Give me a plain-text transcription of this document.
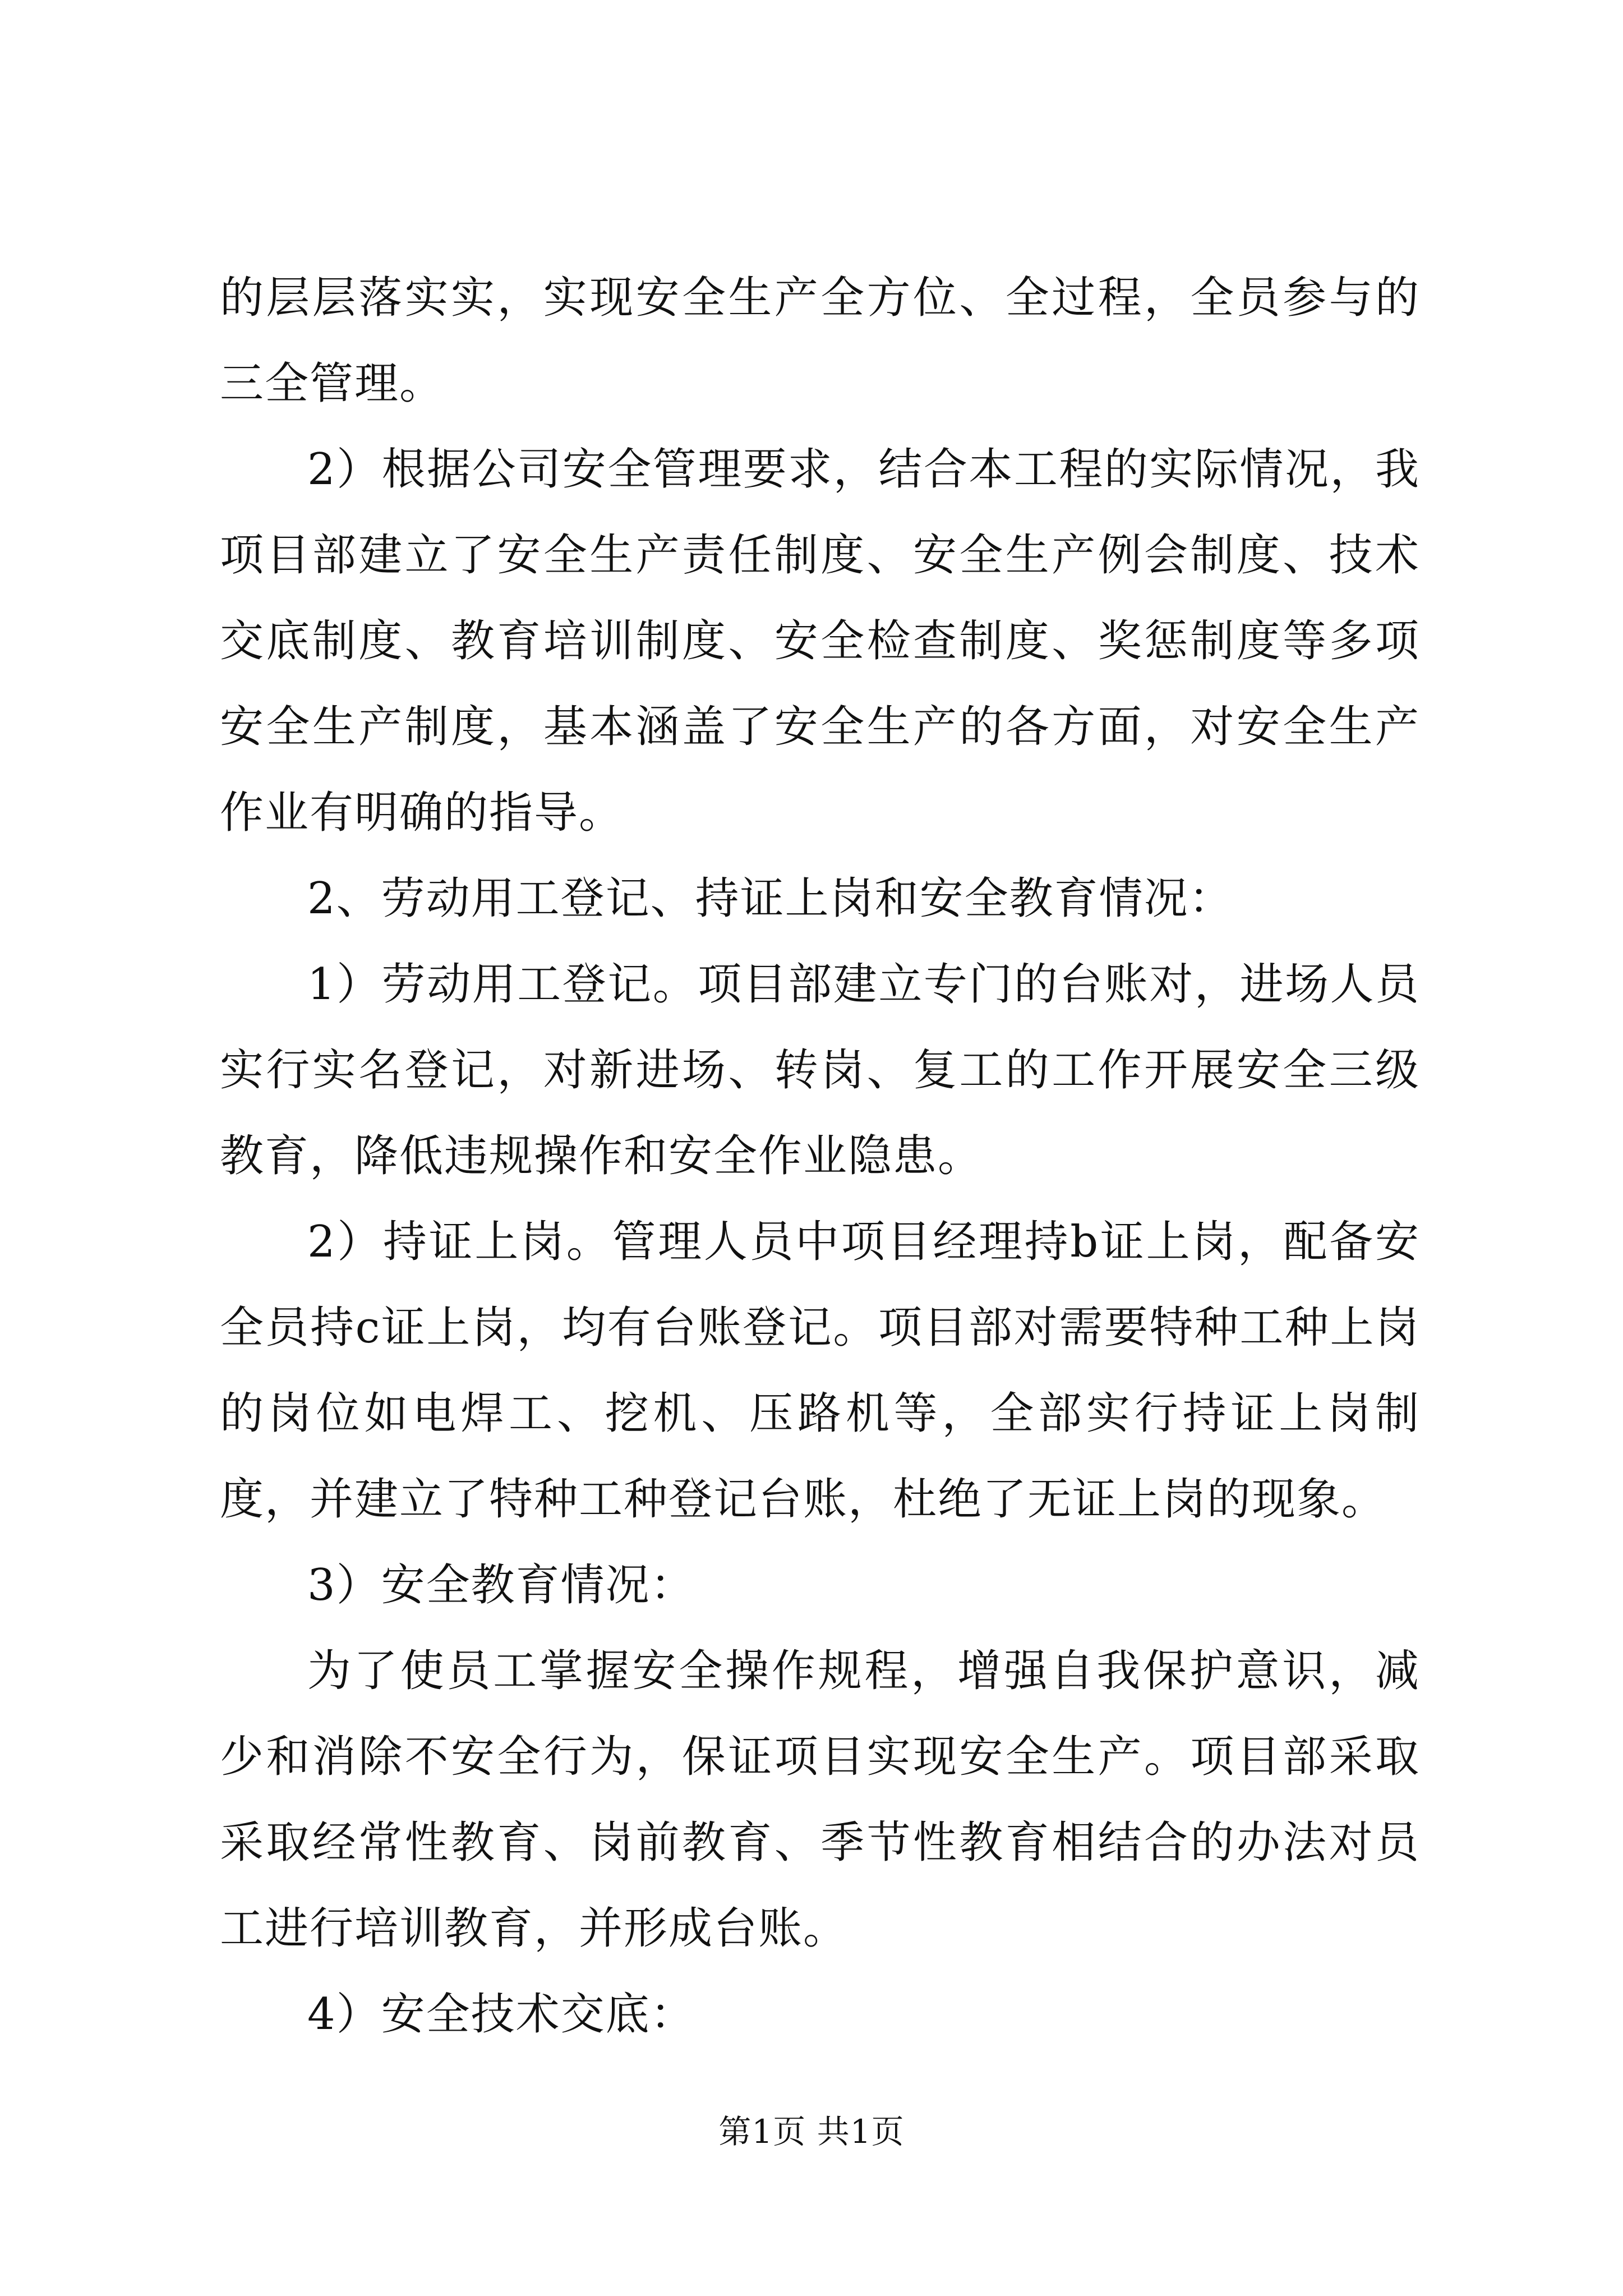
的层层落实实，实现安全生产全方位、全过程，全员参与的三全管理。

2）根据公司安全管理要求，结合本工程的实际情况，我项目部建立了安全生产责任制度、安全生产例会制度、技术交底制度、教育培训制度、安全检查制度、奖惩制度等多项安全生产制度，基本涵盖了安全生产的各方面，对安全生产作业有明确的指导。

2、劳动用工登记、持证上岗和安全教育情况：

1）劳动用工登记。项目部建立专门的台账对，进场人员实行实名登记，对新进场、转岗、复工的工作开展安全三级教育，降低违规操作和安全作业隐患。

2）持证上岗。管理人员中项目经理持b证上岗，配备安全员持c证上岗，均有台账登记。项目部对需要特种工种上岗的岗位如电焊工、挖机、压路机等，全部实行持证上岗制度，并建立了特种工种登记台账，杜绝了无证上岗的现象。

3）安全教育情况：

为了使员工掌握安全操作规程，增强自我保护意识，减少和消除不安全行为，保证项目实现安全生产。项目部采取采取经常性教育、岗前教育、季节性教育相结合的办法对员工进行培训教育，并形成台账。

4）安全技术交底：

第1页 共1页
